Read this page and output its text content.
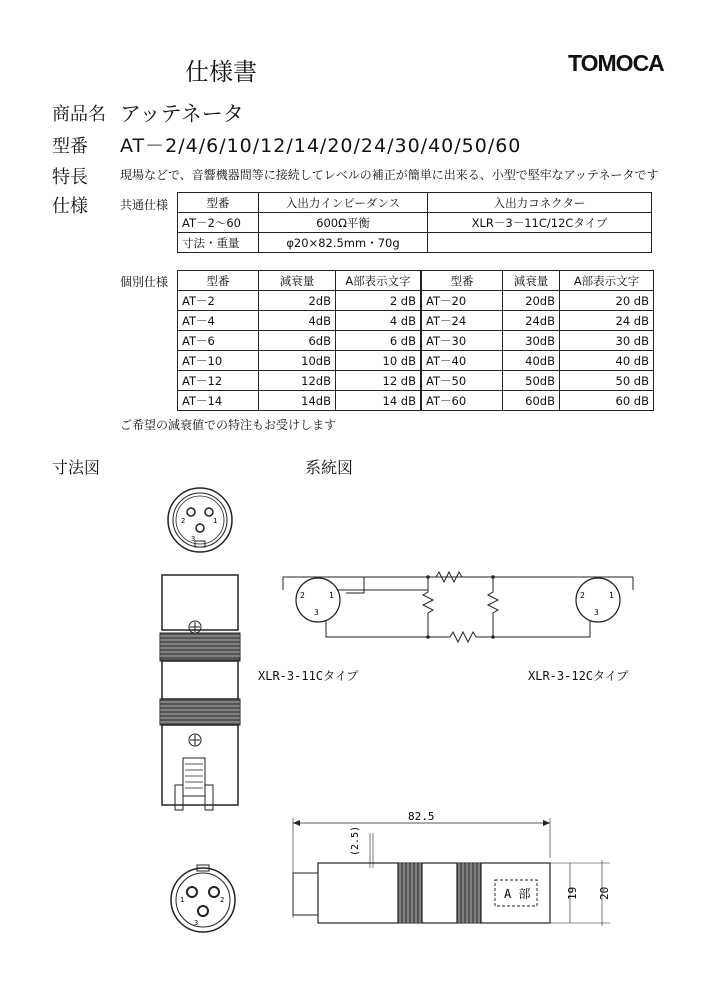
仕様書	TOMOCA
商品名 アッテネータ
型番 AT－2/4/6/10/12/14/20/24/30/40/50/60
特長	現場などで、音響機器間等に接続してレベルの補正が簡単に出来る、小型で堅牢なアッテネータです
仕様	共通仕様	型番	入出力インピーダンス	入出力コネクター
AT－2～60	600Ω平衡	XLR－3－11C/12Cタイプ
寸法・重量	φ20×82.5mm・70g	
個別仕様	型番	減衰量	A部表示文字	型番	減衰量	A部表示文字
AT－2	2dB	2 dB	AT－20	20dB	20 dB
AT－4	4dB	4 dB	AT－24	24dB	24 dB
AT－6	6dB	6 dB	AT－30	30dB	30 dB
AT－10	10dB	10 dB	AT－40	40dB	40 dB
AT－12	12dB	12 dB	AT－50	50dB	50 dB
AT－14	14dB	14 dB	AT－60	60dB	60 dB
ご希望の減衰値での特注もお受けします
寸法図	系統図
2	1
3
2	1
3
2	1
3
XLR-3-11Cタイプ	XLR-3-12Cタイプ
1	2
3
82.5
(2.5)
A 部	19 20
